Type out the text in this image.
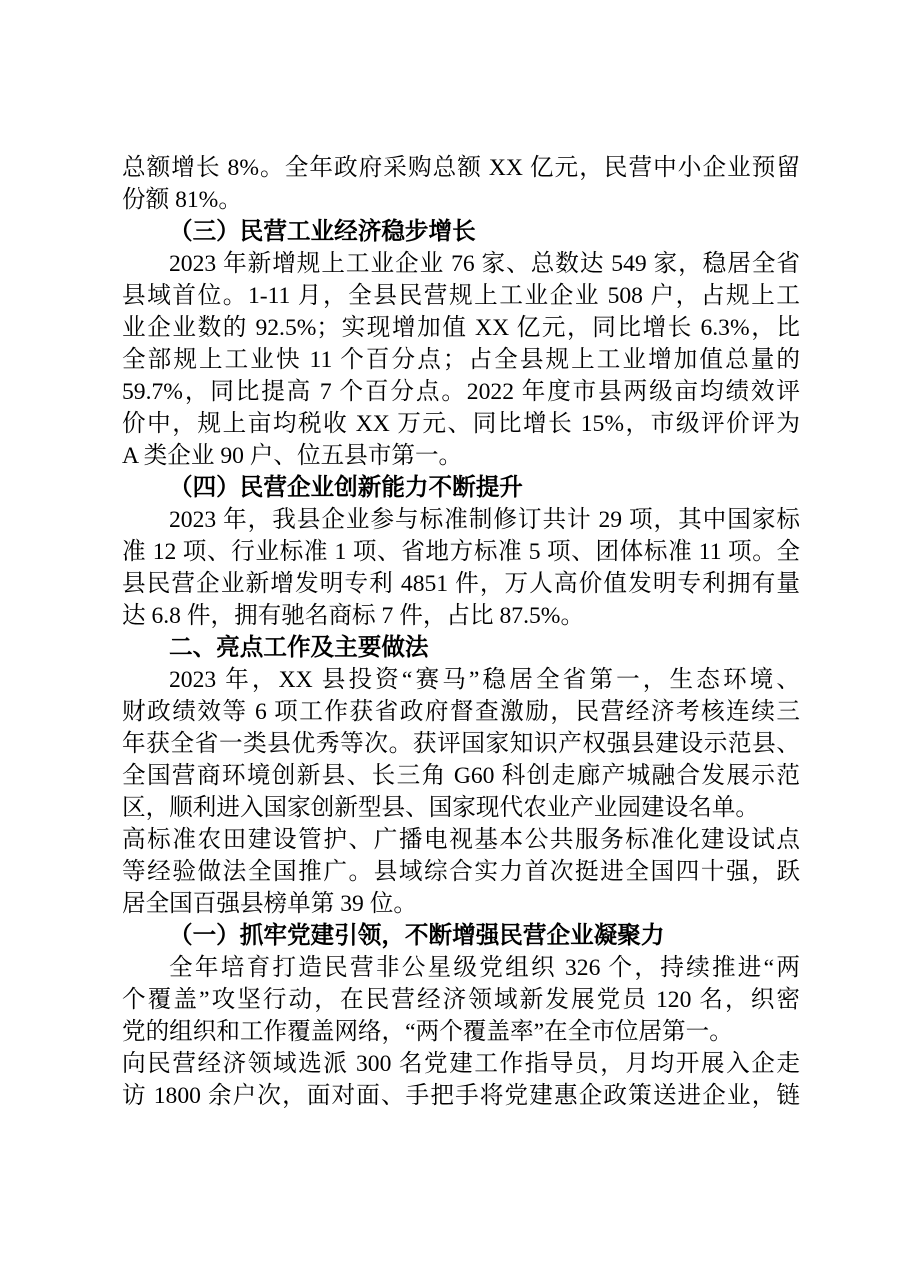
总额增长 8%。全年政府采购总额 XX 亿元，民营中小企业预留
份额 81%。
（三）民营工业经济稳步增长
2023 年新增规上工业企业 76 家、总数达 549 家，稳居全省
县域首位。1-11 月，全县民营规上工业企业 508 户，占规上工
业企业数的 92.5%；实现增加值 XX 亿元，同比增长 6.3%，比
全部规上工业快 11 个百分点；占全县规上工业增加值总量的
59.7%，同比提高 7 个百分点。2022 年度市县两级亩均绩效评
价中，规上亩均税收 XX 万元、同比增长 15%，市级评价评为
A 类企业 90 户、位五县市第一。
（四）民营企业创新能力不断提升
2023 年，我县企业参与标准制修订共计 29 项，其中国家标
准 12 项、行业标准 1 项、省地方标准 5 项、团体标准 11 项。全
县民营企业新增发明专利 4851 件，万人高价值发明专利拥有量
达 6.8 件，拥有驰名商标 7 件，占比 87.5%。
二、亮点工作及主要做法
2023 年，XX 县投资“赛马”稳居全省第一，生态环境、
财政绩效等 6 项工作获省政府督查激励，民营经济考核连续三
年获全省一类县优秀等次。获评国家知识产权强县建设示范县、
全国营商环境创新县、长三角 G60 科创走廊产城融合发展示范
区，顺利进入国家创新型县、国家现代农业产业园建设名单。
高标准农田建设管护、广播电视基本公共服务标准化建设试点
等经验做法全国推广。县域综合实力首次挺进全国四十强，跃
居全国百强县榜单第 39 位。
（一）抓牢党建引领，不断增强民营企业凝聚力
全年培育打造民营非公星级党组织 326 个，持续推进“两
个覆盖”攻坚行动，在民营经济领域新发展党员 120 名，织密
党的组织和工作覆盖网络，“两个覆盖率”在全市位居第一。
向民营经济领域选派 300 名党建工作指导员，月均开展入企走
访 1800 余户次，面对面、手把手将党建惠企政策送进企业，链
